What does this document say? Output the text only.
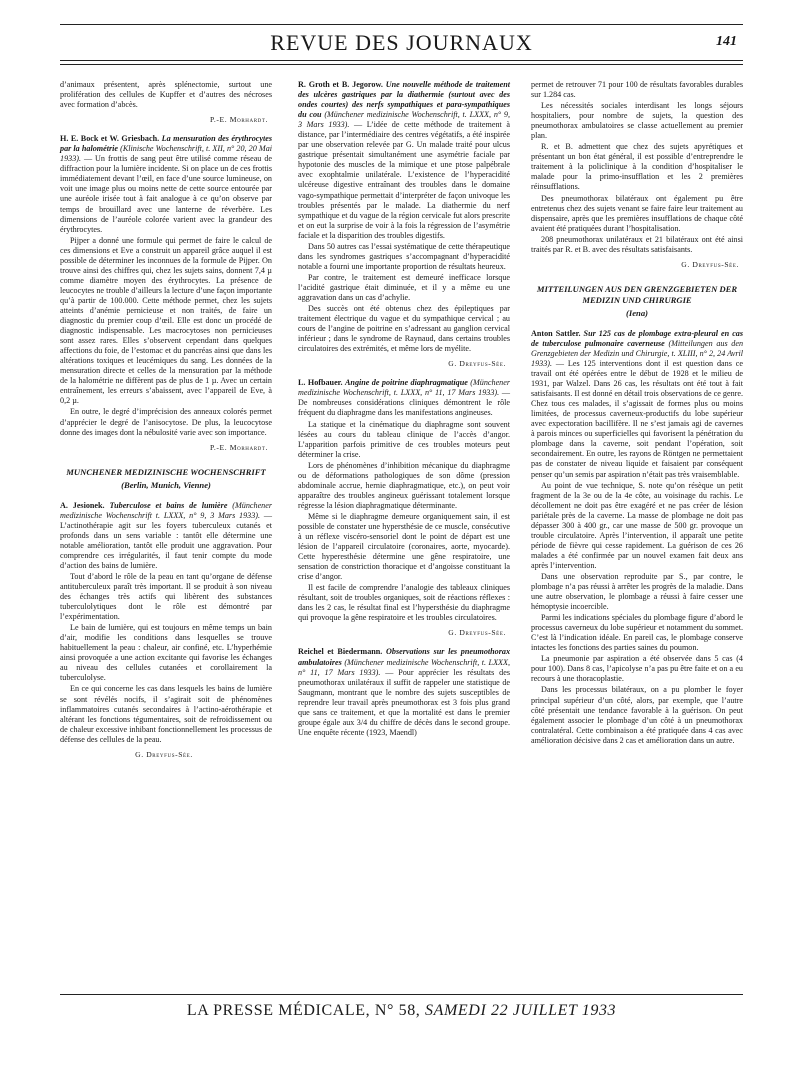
REVUE DES JOURNAUX	141

d’animaux présentent, après splénectomie, surtout une prolifération des cellules de Kupffer et d’autres des nécroses avec formation d’abcès.

P.-E. Morhardt.

H. E. Bock et W. Griesbach. La mensuration des érythrocytes par la halométrie (Klinische Wochenschrift, t. XII, n° 20, 20 Mai 1933). — Un frottis de sang peut être utilisé comme réseau de diffraction pour la lumière incidente. Si on place un de ces frottis immédiatement devant l’œil, en face d’une source lumineuse, on voit une image plus ou moins nette de cette source entourée par une auréole irisée tout à fait analogue à ce qu’on observe par temps de brouillard avec une lanterne de réverbère. Les dimensions de l’auréole colorée varient avec la grandeur des érythrocytes.

Pijper a donné une formule qui permet de faire le calcul de ces dimensions et Eve a construit un appareil grâce auquel il est possible de déterminer les inconnues de la formule de Pijper. On trouve ainsi des chiffres qui, chez les sujets sains, donnent 7,4 µ comme diamètre moyen des érythrocytes. La présence de leucocytes ne trouble d’ailleurs la lecture d’une façon importante qu’à partir de 100.000. Cette méthode permet, chez les sujets atteints d’anémie pernicieuse et non traités, de faire un diagnostic du premier coup d’œil. Elle est donc un procédé de diagnostic indispensable. Les macrocytoses non pernicieuses sont assez rares. Elles s’observent cependant dans quelques affections du foie, de l’estomac et du pancréas ainsi que dans les altérations toxiques et leucémiques du sang. Les données de la mensuration directe et celles de la mensuration par la méthode de la halométrie ne diffèrent pas de plus de 1 µ. Avec un certain entraînement, les erreurs s’abaissent, avec l’appareil de Eve, à 0,2 µ.

En outre, le degré d’imprécision des anneaux colorés permet d’apprécier le degré de l’anisocytose. De plus, la leucocytose donne des images dont la nébulosité varie avec son importance.

P.-E. Morhardt.
MUNCHENER MEDIZINISCHE WOCHENSCHRIFT
(Berlin, Munich, Vienne)

A. Jesionek. Tuberculose et bains de lumière (Münchener medizinische Wochenschrift t. LXXX, n° 9, 3 Mars 1933). — L’actinothérapie agit sur les foyers tuberculeux cutanés et profonds dans un sens variable : tantôt elle détermine une notable amélioration, tantôt elle produit une aggravation. Pour comprendre ces irrégularités, il faut tenir compte du mode d’action des bains de lumière.

Tout d’abord le rôle de la peau en tant qu’organe de défense antituberculeux paraît très important. Il se produit à son niveau des échanges très actifs qui libèrent des substances tuberculolytiques dont le rôle est démontré par l’expérimentation.

Le bain de lumière, qui est toujours en même temps un bain d’air, modifie les conditions dans lesquelles se trouve habituellement la peau : chaleur, air confiné, etc. L’hyperhémie ainsi provoquée a une action excitante qui favorise les échanges au niveau des cellules cutanées et corollairement la tuberculolyse.

En ce qui concerne les cas dans lesquels les bains de lumière se sont révélés nocifs, il s’agirait soit de phénomènes inflammatoires cutanés secondaires à l’actino-aérothérapie et altérant les fonctions tégumentaires, soit de refroidissement ou de chaleur excessive inhibant fonctionnellement les processus de défense des cellules de la peau.

G. Dreyfus-Sée.

R. Groth et B. Jegorow. Une nouvelle méthode de traitement des ulcères gastriques par la diathermie (surtout avec des ondes courtes) des nerfs sympathiques et para-sympathiques du cou (Münchener medizinische Wochenschrift, t. LXXX, n° 9, 3 Mars 1933). — L’idée de cette méthode de traitement à distance, par l’intermédiaire des centres végétatifs, a été inspirée par une observation relevée par G. Un malade traité pour ulcus gastrique présentait simultanément une asymétrie faciale par hypotonie des muscles de la mimique et une ptose palpébrale avec exophtalmie unilatérale. L’existence de l’hyperacidité ulcéreuse digestive entraînant des troubles dans le domaine vago-sympathique permettait d’interpréter de façon univoque les troubles présentés par le malade. La diathermie du nerf sympathique et du vague de la région cervicale fut alors prescrite et on eut la surprise de voir à la fois la régression de l’asymétrie faciale et la disparition des troubles digestifs.

Dans 50 autres cas l’essai systématique de cette thérapeutique dans les syndromes gastriques s’accompagnant d’hyperacidité notable a fourni une importante proportion de résultats heureux.

Par contre, le traitement est demeuré inefficace lorsque l’acidité gastrique était diminuée, et il y a même eu une aggravation dans un cas d’achylie.

Des succès ont été obtenus chez des épileptiques par traitement électrique du vague et du sympathique cervical ; au cours de l’angine de poitrine en s’adressant au ganglion cervical inférieur ; dans le syndrome de Raynaud, dans certains troubles circulatoires des extrémités, et même lors de myélite.

G. Dreyfus-Sée.

L. Hofbauer. Angine de poitrine diaphragmatique (Münchener medizinische Wochenschrift, t. LXXX, n° 11, 17 Mars 1933). — De nombreuses considérations cliniques démontrent le rôle fréquent du diaphragme dans les manifestations angineuses.

La statique et la cinématique du diaphragme sont souvent lésées au cours du tableau clinique de l’accès d’angor. L’apparition parfois primitive de ces troubles moteurs peut déterminer la crise.

Lors de phénomènes d’inhibition mécanique du diaphragme ou de déformations pathologiques de son dôme (pression abdominale accrue, hernie diaphragmatique, etc.), on peut voir apparaître des troubles angineux guérissant totalement lorsque régresse la lésion diaphragmatique déterminante.

Même si le diaphragme demeure organiquement sain, il est possible de constater une hypersthésie de ce muscle, consécutive à un réflexe viscéro-sensoriel dont le point de départ est une lésion de l’appareil circulatoire (coronaires, aorte, myocarde). Cette hyperesthésie détermine une gêne respiratoire, une sensation de constriction thoracique et d’angoisse constituant la crise d’angor.

Il est facile de comprendre l’analogie des tableaux cliniques résultant, soit de troubles organiques, soit de réactions réflexes : dans les 2 cas, le résultat final est l’hypersthésie du diaphragme qui provoque la gêne respiratoire et les troubles circulatoires.

G. Dreyfus-Sée.

Reichel et Biedermann. Observations sur les pneumothorax ambulatoires (Münchener medizinische Wochenschrift, t. LXXX, n° 11, 17 Mars 1933). — Pour apprécier les résultats des pneumothorax unilatéraux il suffit de rappeler une statistique de Saugmann, montrant que le nombre des sujets susceptibles de reprendre leur travail après pneumothorax est 3 fois plus grand que sans ce traitement, et que la mortalité est dans le premier groupe égale aux 3/4 du chiffre de décès dans le second groupe. Une enquête récente (1923, Maendl)

permet de retrouver 71 pour 100 de résultats favorables durables sur 1.284 cas.

Les nécessités sociales interdisant les longs séjours hospitaliers, pour nombre de sujets, la question des pneumothorax ambulatoires se classe actuellement au premier plan.

R. et B. admettent que chez des sujets apyrétiques et présentant un bon état général, il est possible d’entreprendre le traitement à la policlinique à la condition d’hospitaliser le malade pour la primo-insufflation et les 2 premières réinsufflations.

Des pneumothorax bilatéraux ont également pu être entretenus chez des sujets venant se faire faire leur traitement au dispensaire, après que les premières insufflations de chaque côté avaient été pratiquées durant l’hospitalisation.

208 pneumothorax unilatéraux et 21 bilatéraux ont été ainsi traités par R. et B. avec des résultats satisfaisants.

G. Dreyfus-Sée.
MITTEILUNGEN AUS DEN GRENZGEBIETEN DER MEDIZIN UND CHIRURGIE
(Iena)

Anton Sattler. Sur 125 cas de plombage extra-pleural en cas de tuberculose pulmonaire caverneuse (Mitteilungen aus den Grenzgebieten der Medizin und Chirurgie, t. XLIII, n° 2, 24 Avril 1933). — Les 125 interventions dont il est question dans ce travail ont été opérées entre le début de 1928 et le milieu de 1931, par Walzel. Dans 26 cas, les résultats ont été tout à fait satisfaisants. Il est donné en détail trois observations de ce genre. Chez tous ces malades, il s’agissait de formes plus ou moins limitées, de processus caverneux-productifs du lobe supérieur avec expectoration bacillifère. Il ne s’est jamais agi de cavernes à parois minces ou superficielles qui favorisent la pénétration du plombage dans la caverne, soit pendant l’opération, soit secondairement. En outre, les rayons de Röntgen ne permettaient pas de constater de niveau liquide et faisaient par conséquent penser qu’un semis par aspiration n’était pas très vraisemblable.

Au point de vue technique, S. note qu’on résèque un petit fragment de la 3e ou de la 4e côte, au voisinage du rachis. Le décollement ne doit pas être exagéré et ne pas créer de lésion pariétale près de la caverne. La masse de plombage ne doit pas dépasser 300 à 400 gr., car une masse de 500 gr. provoque un trouble circulatoire. Après l’intervention, il apparaît une petite période de fièvre qui cesse rapidement. La guérison de ces 26 malades a été confirmée par un nouvel examen fait deux ans après l’intervention.

Dans une observation reproduite par S., par contre, le plombage n’a pas réussi à arrêter les progrès de la maladie. Dans une autre observation, le plombage a réussi à faire cesser une hémoptysie incoercible.

Parmi les indications spéciales du plombage figure d’abord le processus caverneux du lobe supérieur et notamment du sommet. C’est là l’indication idéale. En pareil cas, le plombage conserve intactes les fonctions des parties saines du poumon.

La pneumonie par aspiration a été observée dans 5 cas (4 pour 100). Dans 8 cas, l’apicolyse n’a pas pu être faite et on a eu recours à une thoracoplastie.

Dans les processus bilatéraux, on a pu plomber le foyer principal supérieur d’un côté, alors, par exemple, que l’autre côté présentait une tendance favorable à la guérison. On peut également associer le plombage d’un côté à un pneumothorax contralatéral. Cette combinaison a été pratiquée dans 4 cas avec amélioration décisive dans 2 cas et amélioration dans un autre.

LA PRESSE MÉDICALE, N° 58, SAMEDI 22 JUILLET 1933
